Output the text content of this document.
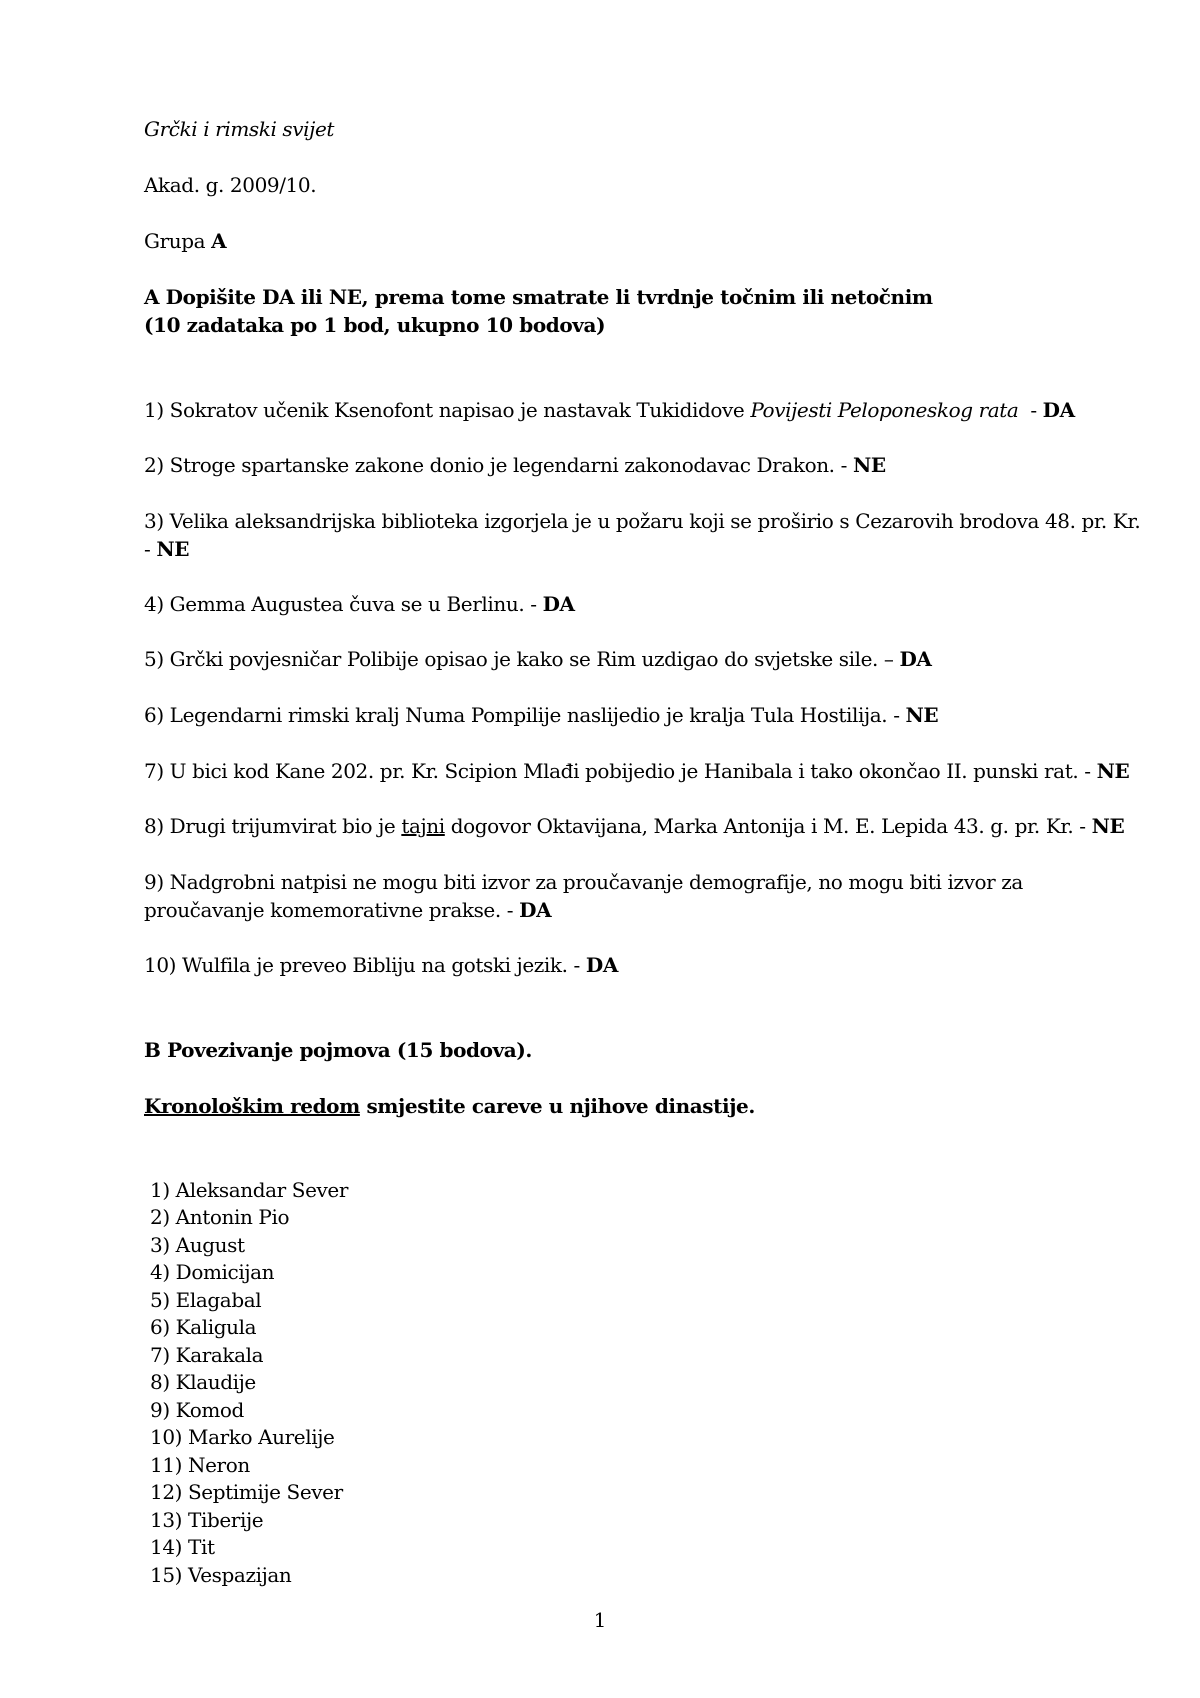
Grčki i rimski svijet
Akad. g. 2009/10.
Grupa A
A Dopišite DA ili NE, prema tome smatrate li tvrdnje točnim ili netočnim
(10 zadataka po 1 bod, ukupno 10 bodova)
1) Sokratov učenik Ksenofont napisao je nastavak Tukididove Povijesti Peloponeskog rata  - DA
2) Stroge spartanske zakone donio je legendarni zakonodavac Drakon. - NE
3) Velika aleksandrijska biblioteka izgorjela je u požaru koji se proširio s Cezarovih brodova 48. pr. Kr.
- NE
4) Gemma Augustea čuva se u Berlinu. - DA
5) Grčki povjesničar Polibije opisao je kako se Rim uzdigao do svjetske sile. – DA
6) Legendarni rimski kralj Numa Pompilije naslijedio je kralja Tula Hostilija. - NE
7) U bici kod Kane 202. pr. Kr. Scipion Mlađi pobijedio je Hanibala i tako okončao II. punski rat. - NE
8) Drugi trijumvirat bio je tajni dogovor Oktavijana, Marka Antonija i M. E. Lepida 43. g. pr. Kr. - NE
9) Nadgrobni natpisi ne mogu biti izvor za proučavanje demografije, no mogu biti izvor za
proučavanje komemorativne prakse. - DA
10) Wulfila je preveo Bibliju na gotski jezik. - DA
B Povezivanje pojmova (15 bodova).
Kronološkim redom smjestite careve u njihove dinastije.
1) Aleksandar Sever
2) Antonin Pio
3) August
4) Domicijan
5) Elagabal
6) Kaligula
7) Karakala
8) Klaudije
9) Komod
10) Marko Aurelije
11) Neron
12) Septimije Sever
13) Tiberije
14) Tit
15) Vespazijan
1
